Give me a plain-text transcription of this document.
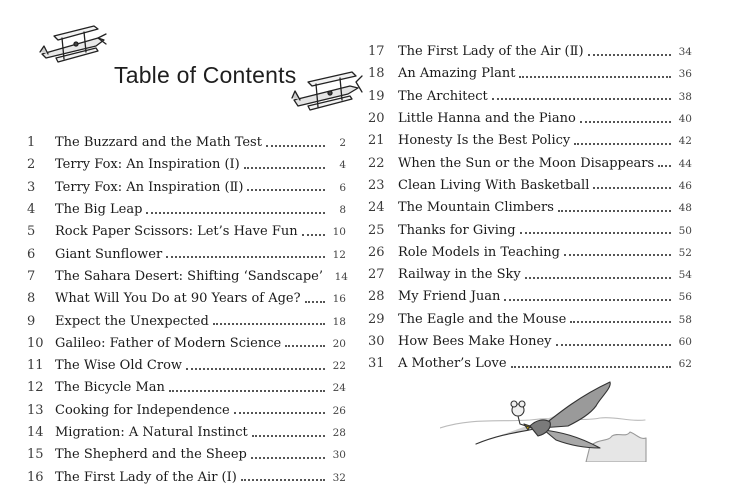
Table of Contents
1	The Buzzard and the Math Test	2
2	Terry Fox: An Inspiration (Ⅰ)	4
3	Terry Fox: An Inspiration (Ⅱ)	6
4	The Big Leap	8
5	Rock Paper Scissors: Let’s Have Fun	10
6	Giant Sunflower	12
7	The Sahara Desert: Shifting ‘Sandscape’ 14
8	What Will You Do at 90 Years of Age?	16
9	Expect the Unexpected	18
10 Galileo: Father of Modern Science	20
11 The Wise Old Crow	22
12 The Bicycle Man	24
13 Cooking for Independence	26
14 Migration: A Natural Instinct	28
15 The Shepherd and the Sheep	30
16 The First Lady of the Air (Ⅰ)	32
17	The First Lady of the Air (Ⅱ)	34
18	An Amazing Plant	36
19	The Architect	38
20	Little Hanna and the Piano	40
21	Honesty Is the Best Policy	42
22	When the Sun or the Moon Disappears 44
23	Clean Living With Basketball	46
24	The Mountain Climbers	48
25	Thanks for Giving	50
26	Role Models in Teaching	52
27	Railway in the Sky	54
28	My Friend Juan	56
29	The Eagle and the Mouse	58
30	How Bees Make Honey	60
31	A Mother’s Love	62
